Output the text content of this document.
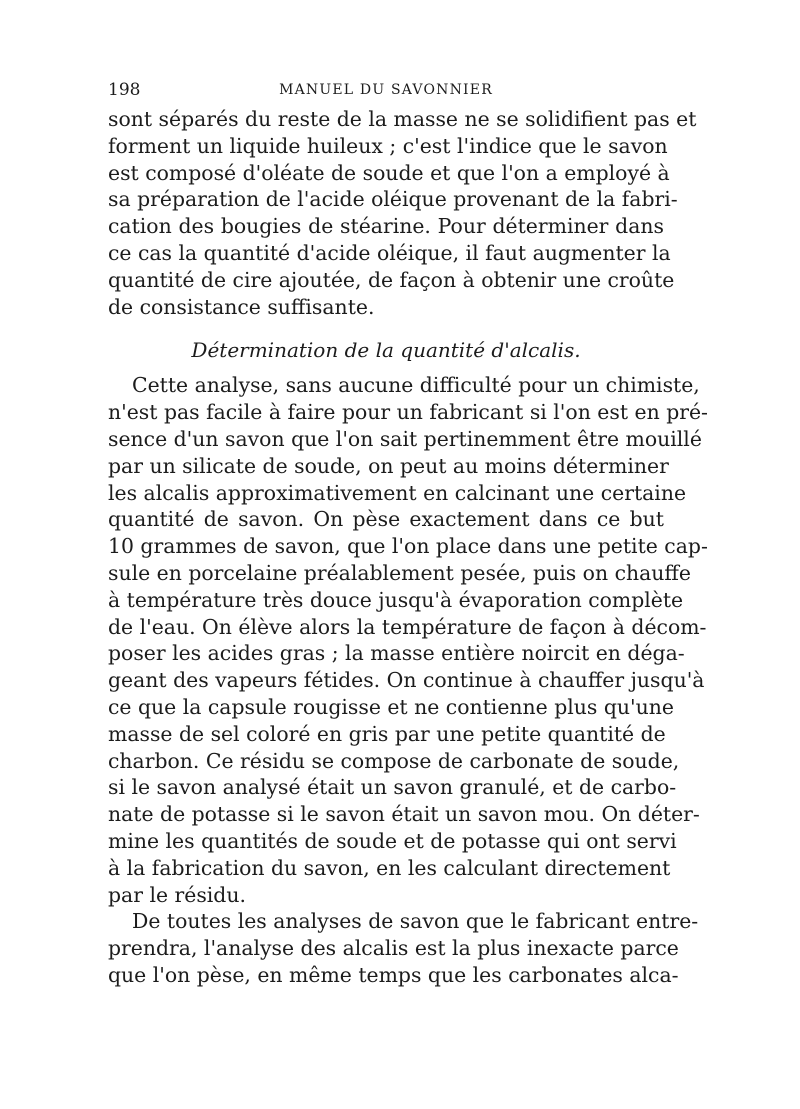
198	MANUEL DU SAVONNIER
sont séparés du reste de la masse ne se solidifient pas et
forment un liquide huileux ; c'est l'indice que le savon
est composé d'oléate de soude et que l'on a employé à
sa préparation de l'acide oléique provenant de la fabri-
cation des bougies de stéarine. Pour déterminer dans
ce cas la quantité d'acide oléique, il faut augmenter la
quantité de cire ajoutée, de façon à obtenir une croûte
de consistance suffisante.
Détermination de la quantité d'alcalis.
Cette analyse, sans aucune difficulté pour un chimiste,
n'est pas facile à faire pour un fabricant si l'on est en pré-
sence d'un savon que l'on sait pertinemment être mouillé
par un silicate de soude, on peut au moins déterminer
les alcalis approximativement en calcinant une certaine
quantité de savon. On pèse exactement dans ce but
10 grammes de savon, que l'on place dans une petite cap-
sule en porcelaine préalablement pesée, puis on chauffe
à température très douce jusqu'à évaporation complète
de l'eau. On élève alors la température de façon à décom-
poser les acides gras ; la masse entière noircit en déga-
geant des vapeurs fétides. On continue à chauffer jusqu'à
ce que la capsule rougisse et ne contienne plus qu'une
masse de sel coloré en gris par une petite quantité de
charbon. Ce résidu se compose de carbonate de soude,
si le savon analysé était un savon granulé, et de carbo-
nate de potasse si le savon était un savon mou. On déter-
mine les quantités de soude et de potasse qui ont servi
à la fabrication du savon, en les calculant directement
par le résidu.
De toutes les analyses de savon que le fabricant entre-
prendra, l'analyse des alcalis est la plus inexacte parce
que l'on pèse, en même temps que les carbonates alca-
